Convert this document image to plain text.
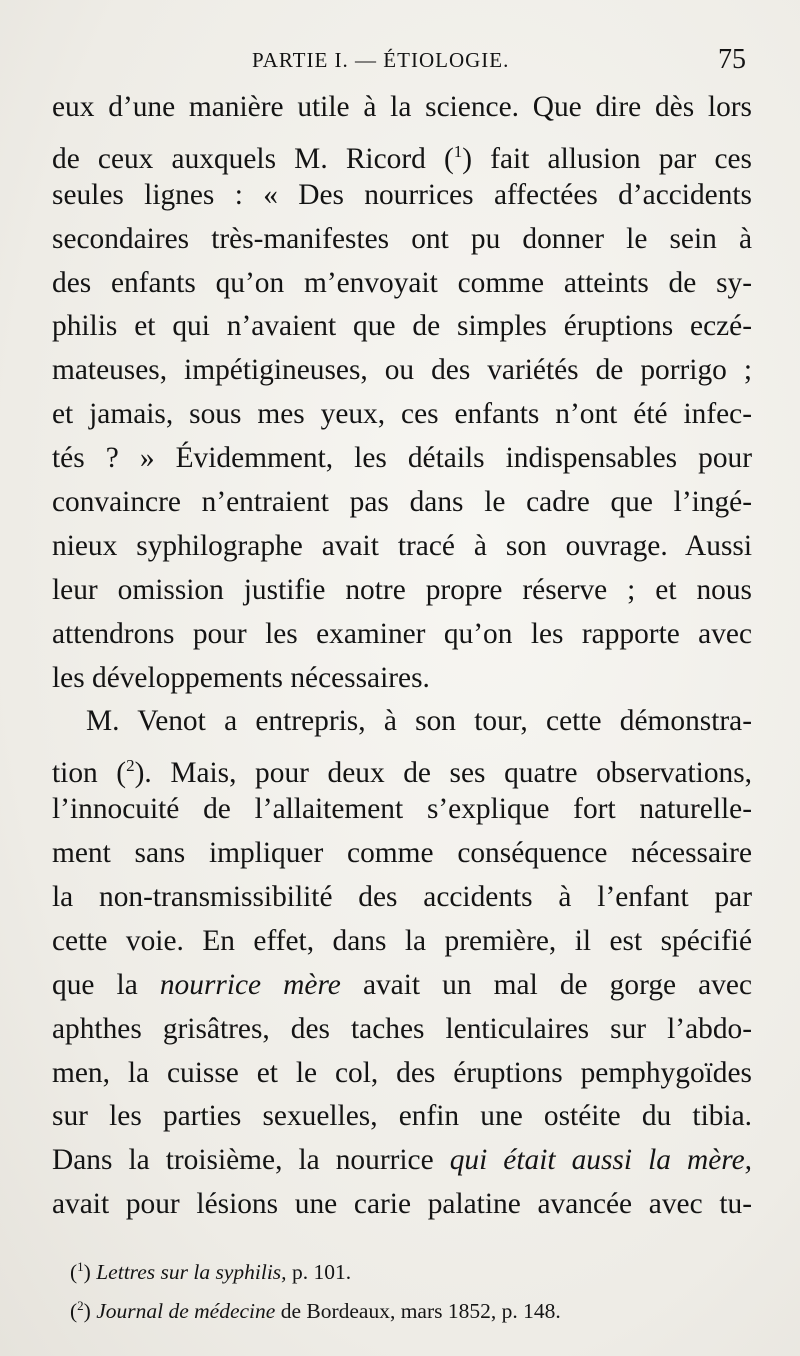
PARTIE I. — ÉTIOLOGIE.	75
eux d’une manière utile à la science. Que dire dès lors
de ceux auxquels M. Ricord ($^1$) fait allusion par ces
seules lignes : « Des nourrices affectées d’accidents
secondaires très-manifestes ont pu donner le sein à
des enfants qu’on m’envoyait comme atteints de sy-
philis et qui n’avaient que de simples éruptions eczé-
mateuses, impétigineuses, ou des variétés de porrigo ;
et jamais, sous mes yeux, ces enfants n’ont été infec-
tés ? » Évidemment, les détails indispensables pour
convaincre n’entraient pas dans le cadre que l’ingé-
nieux syphilographe avait tracé à son ouvrage. Aussi
leur omission justifie notre propre réserve ; et nous
attendrons pour les examiner qu’on les rapporte avec
les développements nécessaires.
M. Venot a entrepris, à son tour, cette démonstra-
tion ($^2$). Mais, pour deux de ses quatre observations,
l’innocuité de l’allaitement s’explique fort naturelle-
ment sans impliquer comme conséquence nécessaire
la non-transmissibilité des accidents à l’enfant par
cette voie. En effet, dans la première, il est spécifié
que la nourrice mère avait un mal de gorge avec
aphthes grisâtres, des taches lenticulaires sur l’abdo-
men, la cuisse et le col, des éruptions pemphygoïdes
sur les parties sexuelles, enfin une ostéite du tibia.
Dans la troisième, la nourrice qui était aussi la mère,
avait pour lésions une carie palatine avancée avec tu-
($^1$) Lettres sur la syphilis, p. 101.
($^2$) Journal de médecine de Bordeaux, mars 1852, p. 148.
